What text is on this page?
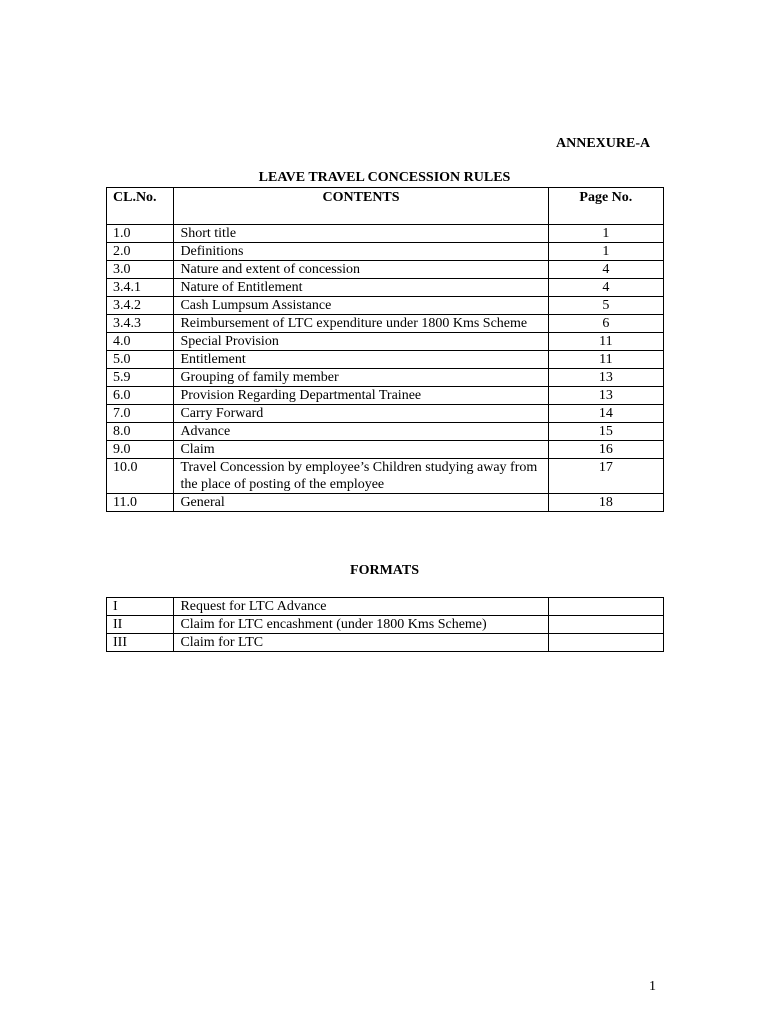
ANNEXURE-A
LEAVE TRAVEL CONCESSION RULES
CL.No.	CONTENTS	Page No.
1.0	Short title	1
2.0	Definitions	1
3.0	Nature and extent of concession	4
3.4.1	Nature of Entitlement	4
3.4.2	Cash Lumpsum Assistance	5
3.4.3	Reimbursement of LTC expenditure under 1800 Kms Scheme	6
4.0	Special Provision	11
5.0	Entitlement	11
5.9	Grouping of family member	13
6.0	Provision Regarding Departmental Trainee	13
7.0	Carry Forward	14
8.0	Advance	15
9.0	Claim	16
10.0	Travel Concession by employee’s Children studying away from the place of posting of the employee	17
11.0	General	18
FORMATS
I	Request for LTC Advance	
II	Claim for LTC encashment (under 1800 Kms Scheme)	
III	Claim for LTC	
1
